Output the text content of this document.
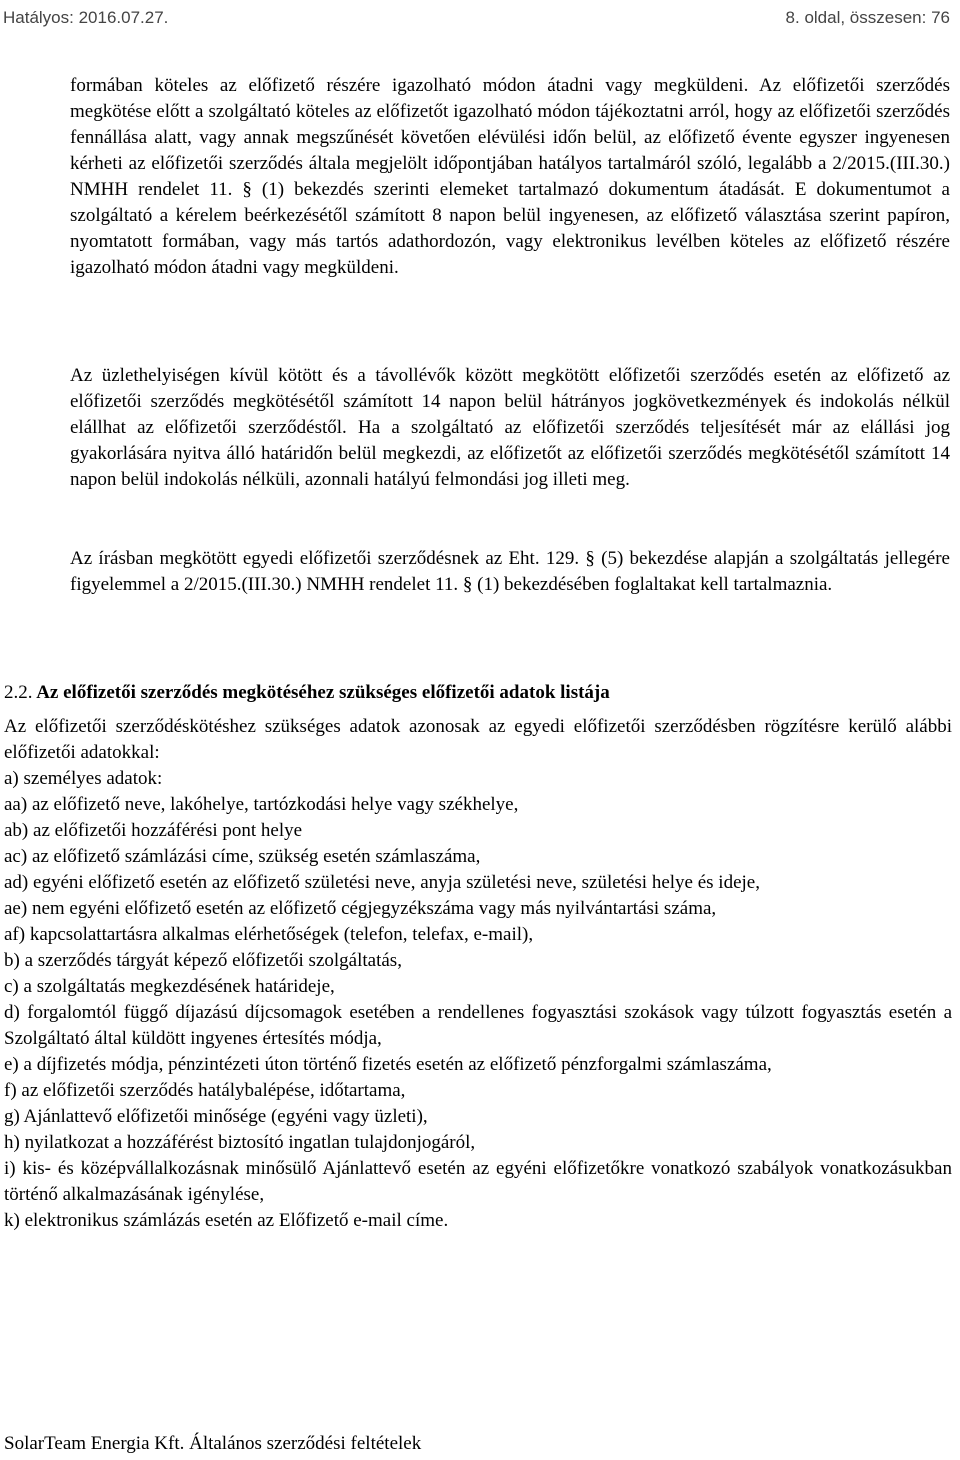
Hatályos: 2016.07.27.	8. oldal, összesen: 76
formában köteles az előfizető részére igazolható módon átadni vagy megküldeni. Az előfizetői szerződés megkötése előtt a szolgáltató köteles az előfizetőt igazolható módon tájékoztatni arról, hogy az előfizetői szerződés fennállása alatt, vagy annak megszűnését követően elévülési időn belül, az előfizető évente egyszer ingyenesen kérheti az előfizetői szerződés általa megjelölt időpontjában hatályos tartalmáról szóló, legalább a 2/2015.(III.30.) NMHH rendelet 11. § (1) bekezdés szerinti elemeket tartalmazó dokumentum átadását. E dokumentumot a szolgáltató a kérelem beérkezésétől számított 8 napon belül ingyenesen, az előfizető választása szerint papíron, nyomtatott formában, vagy más tartós adathordozón, vagy elektronikus levélben köteles az előfizető részére igazolható módon átadni vagy megküldeni.
Az üzlethelyiségen kívül kötött és a távollévők között megkötött előfizetői szerződés esetén az előfizető az előfizetői szerződés megkötésétől számított 14 napon belül hátrányos jogkövetkezmények és indokolás nélkül elállhat az előfizetői szerződéstől. Ha a szolgáltató az előfizetői szerződés teljesítését már az elállási jog gyakorlására nyitva álló határidőn belül megkezdi, az előfizetőt az előfizetői szerződés megkötésétől számított 14 napon belül indokolás nélküli, azonnali hatályú felmondási jog illeti meg.
Az írásban megkötött egyedi előfizetői szerződésnek az Eht. 129. § (5) bekezdése alapján a szolgáltatás jellegére figyelemmel a 2/2015.(III.30.) NMHH rendelet 11. § (1) bekezdésében foglaltakat kell tartalmaznia.
2.2. Az előfizetői szerződés megkötéséhez szükséges előfizetői adatok listája
Az előfizetői szerződéskötéshez szükséges adatok azonosak az egyedi előfizetői szerződésben rögzítésre kerülő alábbi előfizetői adatokkal:
a) személyes adatok:
aa) az előfizető neve, lakóhelye, tartózkodási helye vagy székhelye,
ab) az előfizetői hozzáférési pont helye
ac) az előfizető számlázási címe, szükség esetén számlaszáma,
ad) egyéni előfizető esetén az előfizető születési neve, anyja születési neve, születési helye és ideje,
ae) nem egyéni előfizető esetén az előfizető cégjegyzékszáma vagy más nyilvántartási száma,
af) kapcsolattartásra alkalmas elérhetőségek (telefon, telefax, e-mail),
b) a szerződés tárgyát képező előfizetői szolgáltatás,
c) a szolgáltatás megkezdésének határideje,
d) forgalomtól függő díjazású díjcsomagok esetében a rendellenes fogyasztási szokások vagy túlzott fogyasztás esetén a Szolgáltató által küldött ingyenes értesítés módja,
e) a díjfizetés módja, pénzintézeti úton történő fizetés esetén az előfizető pénzforgalmi számlaszáma,
f) az előfizetői szerződés hatálybalépése, időtartama,
g) Ajánlattevő előfizetői minősége (egyéni vagy üzleti),
h) nyilatkozat a hozzáférést biztosító ingatlan tulajdonjogáról,
i) kis- és középvállalkozásnak minősülő Ajánlattevő esetén az egyéni előfizetőkre vonatkozó szabályok vonatkozásukban történő alkalmazásának igénylése,
k) elektronikus számlázás esetén az Előfizető e-mail címe.
SolarTeam Energia Kft. Általános szerződési feltételek
